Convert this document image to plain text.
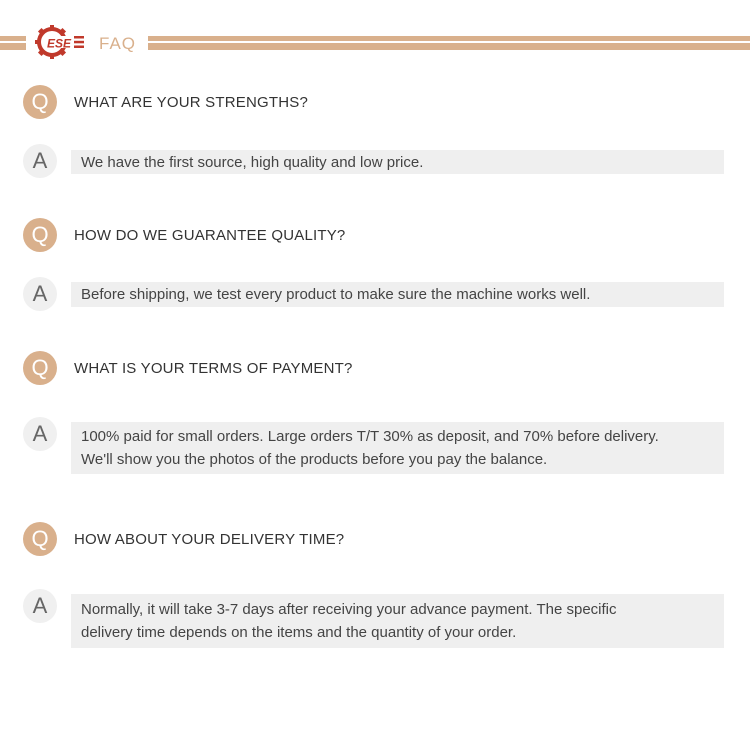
ESE FAQ
Q	WHAT ARE YOUR STRENGTHS?
A	We have the first source, high quality and low price.
Q	HOW DO WE GUARANTEE QUALITY?
A	Before shipping, we test every product to make sure the machine works well.
Q	WHAT IS YOUR TERMS OF PAYMENT?
A	100% paid for small orders. Large orders T/T 30% as deposit, and 70% before delivery.
We'll show you the photos of the products before you pay the balance.
Q	HOW ABOUT YOUR DELIVERY TIME?
A	Normally, it will take 3-7 days after receiving your advance payment. The specific
delivery time depends on the items and the quantity of your order.
